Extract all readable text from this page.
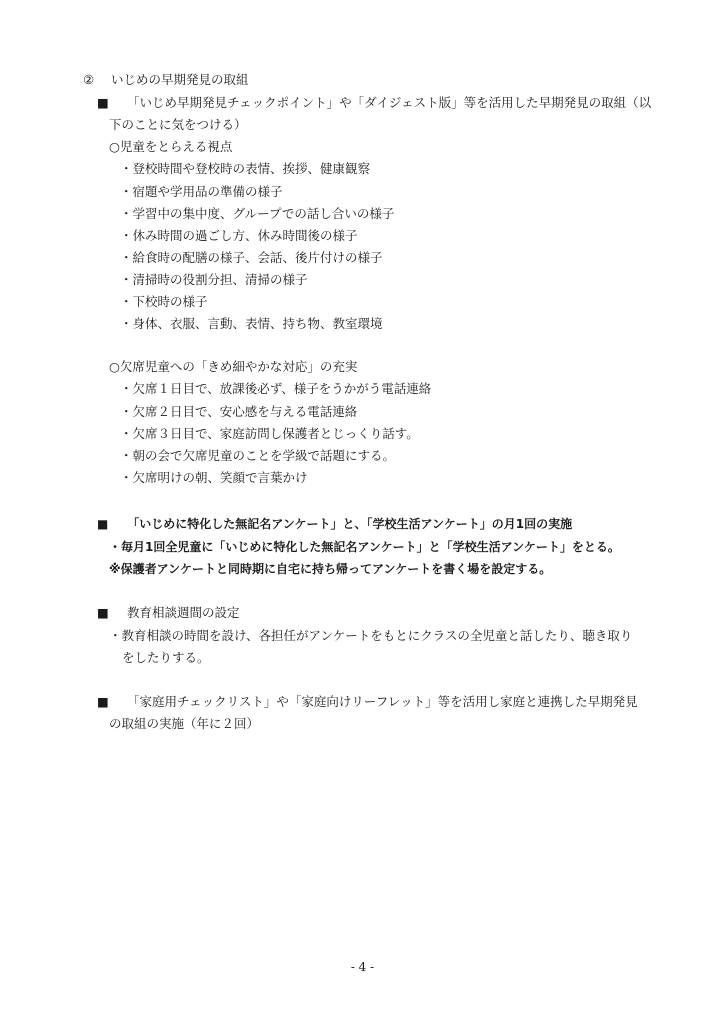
② いじめの早期発見の取組
■ 「いじめ早期発見チェックポイント」や「ダイジェスト版」等を活用した早期発見の取組（以
下のことに気をつける）
○児童をとらえる視点
・登校時間や登校時の表情、挨拶、健康観察
・宿題や学用品の準備の様子
・学習中の集中度、グループでの話し合いの様子
・休み時間の過ごし方、休み時間後の様子
・給食時の配膳の様子、会話、後片付けの様子
・清掃時の役割分担、清掃の様子
・下校時の様子
・身体、衣服、言動、表情、持ち物、教室環境
○欠席児童への「きめ細やかな対応」の充実
・欠席１日目で、放課後必ず、様子をうかがう電話連絡
・欠席２日目で、安心感を与える電話連絡
・欠席３日目で、家庭訪問し保護者とじっくり話す。
・朝の会で欠席児童のことを学級で話題にする。
・欠席明けの朝、笑顔で言葉かけ
■ 「いじめに特化した無記名アンケート」と、「学校生活アンケート」の月1回の実施
・毎月1回全児童に「いじめに特化した無記名アンケート」と「学校生活アンケート」をとる。
※保護者アンケートと同時期に自宅に持ち帰ってアンケートを書く場を設定する。
■ 教育相談週間の設定
・教育相談の時間を設け、各担任がアンケートをもとにクラスの全児童と話したり、聴き取り
をしたりする。
■ 「家庭用チェックリスト」や「家庭向けリーフレット」等を活用し家庭と連携した早期発見
の取組の実施（年に２回）
- 4 -
